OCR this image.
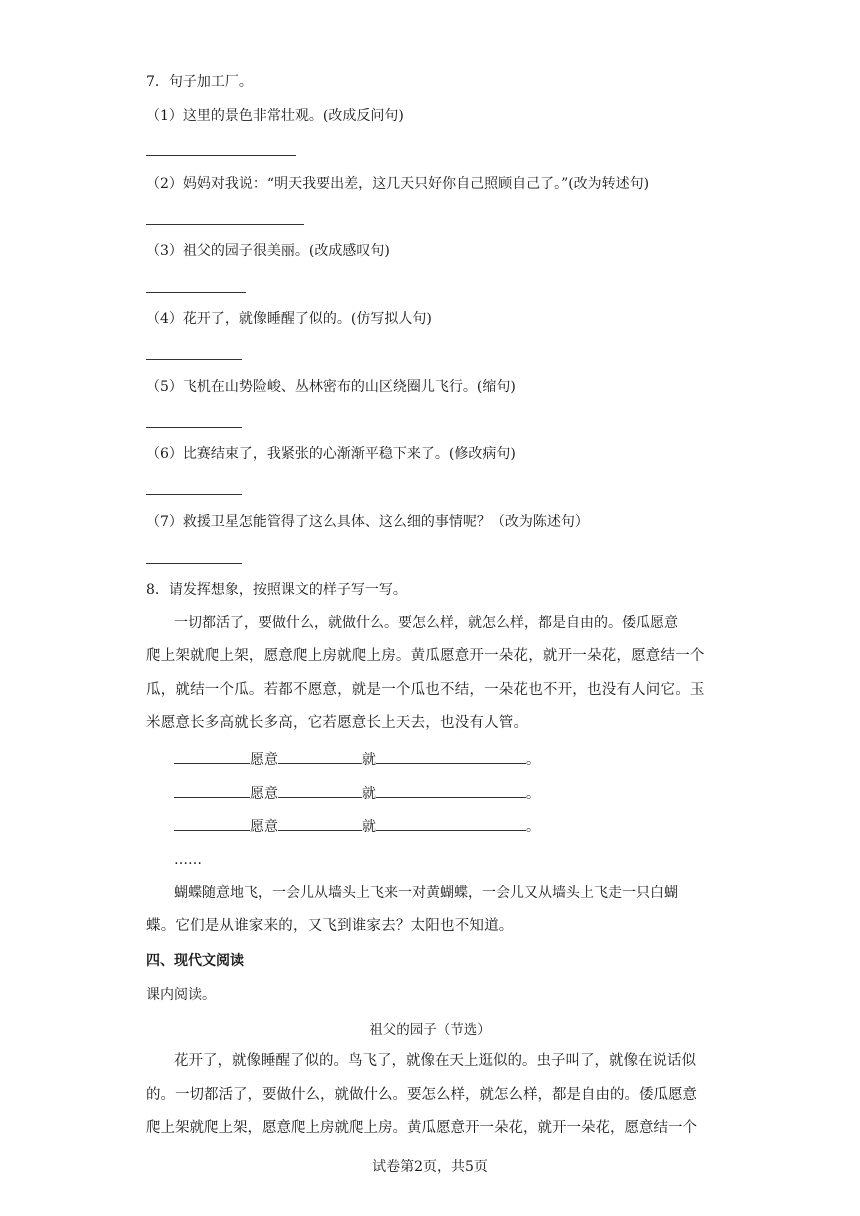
7．句子加工厂。
（1）这里的景色非常壮观。(改成反问句)
（2）妈妈对我说：“明天我要出差，这几天只好你自己照顾自己了。”(改为转述句)
（3）祖父的园子很美丽。(改成感叹句)
（4）花开了，就像睡醒了似的。(仿写拟人句)
（5）飞机在山势险峻、丛林密布的山区绕圈儿飞行。(缩句)
（6）比赛结束了，我紧张的心渐渐平稳下来了。(修改病句)
（7）救援卫星怎能管得了这么具体、这么细的事情呢？（改为陈述句）
8．请发挥想象，按照课文的样子写一写。
一切都活了，要做什么，就做什么。要怎么样，就怎么样，都是自由的。倭瓜愿意
爬上架就爬上架，愿意爬上房就爬上房。黄瓜愿意开一朵花，就开一朵花，愿意结一个
瓜，就结一个瓜。若都不愿意，就是一个瓜也不结，一朵花也不开，也没有人问它。玉
米愿意长多高就长多高，它若愿意长上天去，也没有人管。
愿意	就	。
愿意	就	。
愿意	就	。
……
蝴蝶随意地飞，一会儿从墙头上飞来一对黄蝴蝶，一会儿又从墙头上飞走一只白蝴
蝶。它们是从谁家来的，又飞到谁家去？太阳也不知道。
四、现代文阅读
课内阅读。
祖父的园子（节选）
花开了，就像睡醒了似的。鸟飞了，就像在天上逛似的。虫子叫了，就像在说话似
的。一切都活了，要做什么，就做什么。要怎么样，就怎么样，都是自由的。倭瓜愿意
爬上架就爬上架，愿意爬上房就爬上房。黄瓜愿意开一朵花，就开一朵花，愿意结一个
试卷第2页，共5页
